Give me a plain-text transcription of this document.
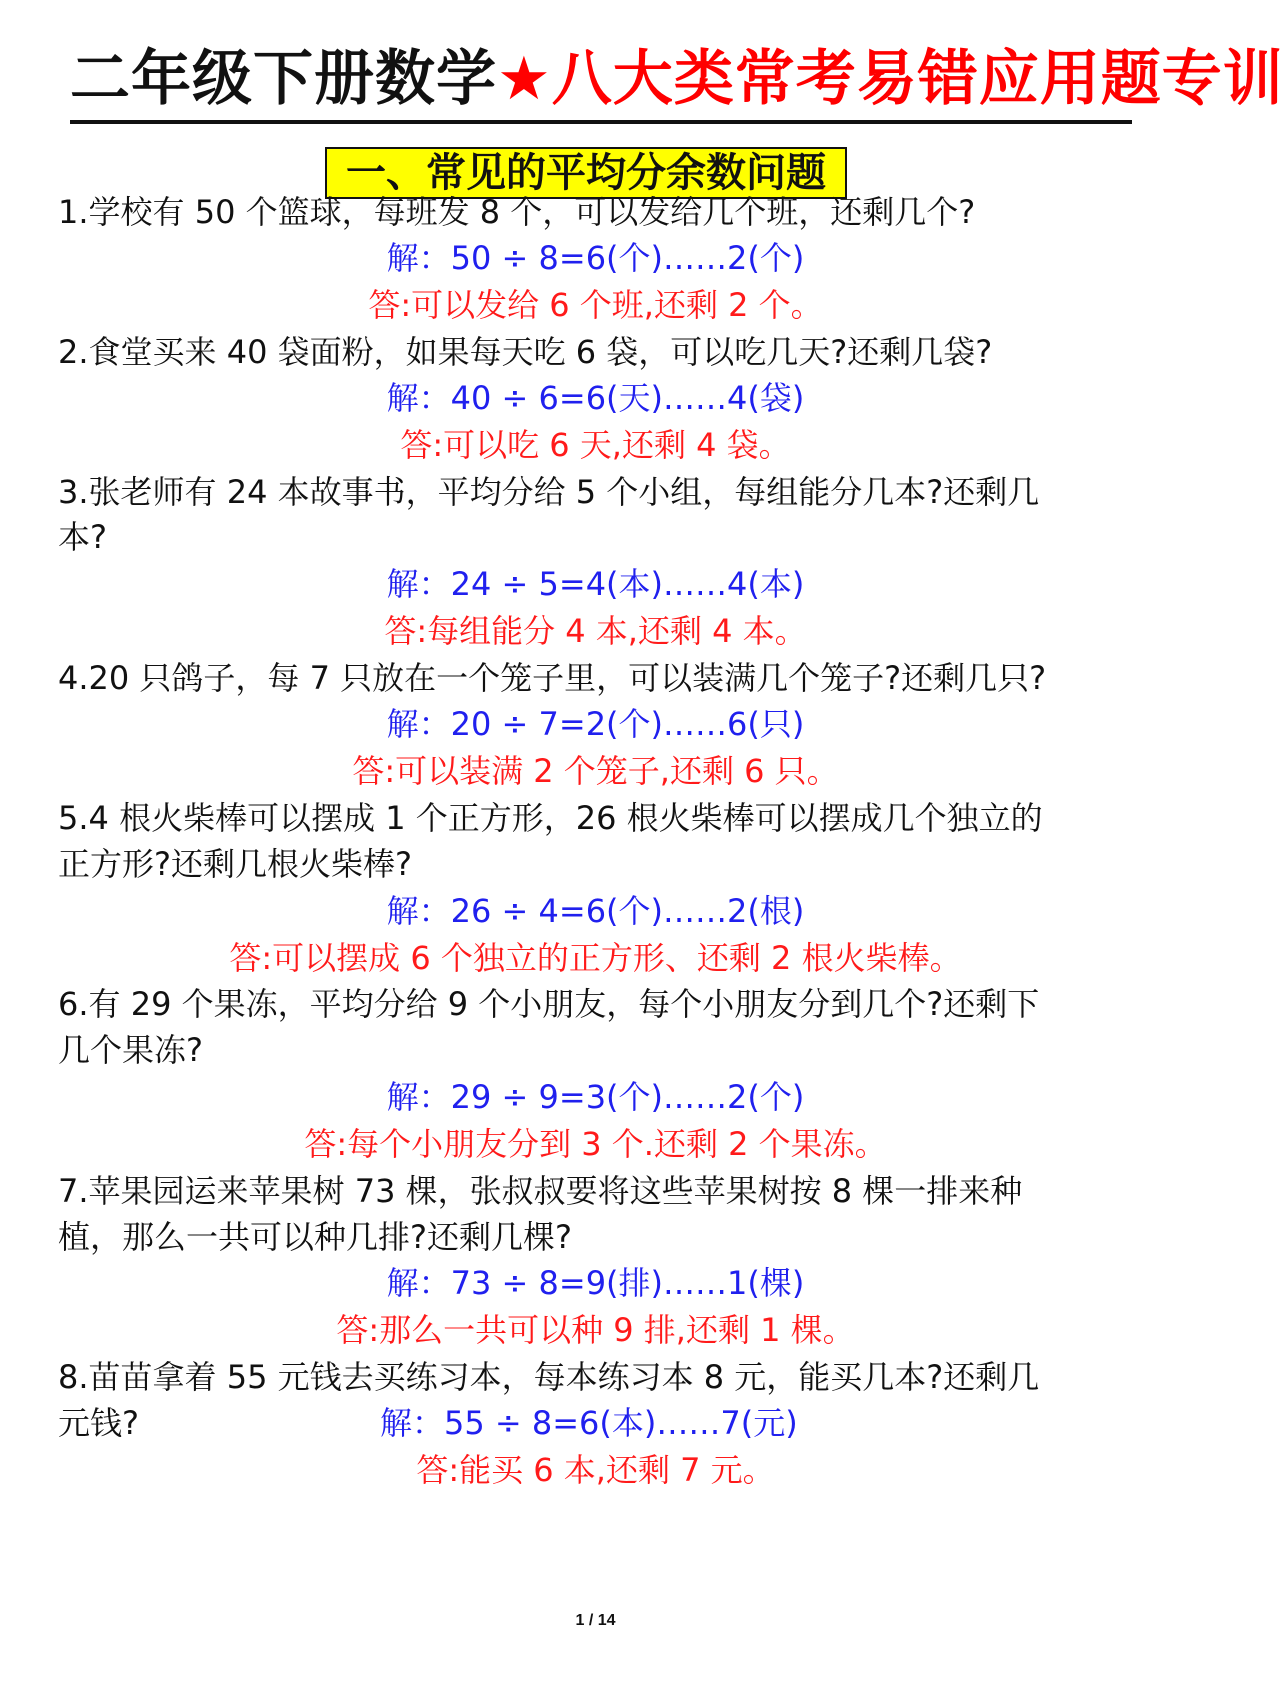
二年级下册数学★八大类常考易错应用题专训
一、常见的平均分余数问题
1.学校有 50 个篮球，每班发 8 个，可以发给几个班，还剩几个?
解：50 ÷ 8=6(个)……2(个)
答:可以发给 6 个班,还剩 2 个。
2.食堂买来 40 袋面粉，如果每天吃 6 袋，可以吃几天?还剩几袋?
解：40 ÷ 6=6(天)……4(袋)
答:可以吃 6 天,还剩 4 袋。
3.张老师有 24 本故事书，平均分给 5 个小组，每组能分几本?还剩几
本?
解：24 ÷ 5=4(本)……4(本)
答:每组能分 4 本,还剩 4 本。
4.20 只鸽子，每 7 只放在一个笼子里，可以装满几个笼子?还剩几只?
解：20 ÷ 7=2(个)……6(只)
答:可以装满 2 个笼子,还剩 6 只。
5.4 根火柴棒可以摆成 1 个正方形，26 根火柴棒可以摆成几个独立的
正方形?还剩几根火柴棒?
解：26 ÷ 4=6(个)……2(根)
答:可以摆成 6 个独立的正方形、还剩 2 根火柴棒。
6.有 29 个果冻，平均分给 9 个小朋友，每个小朋友分到几个?还剩下
几个果冻?
解：29 ÷ 9=3(个)……2(个)
答:每个小朋友分到 3 个.还剩 2 个果冻。
7.苹果园运来苹果树 73 棵，张叔叔要将这些苹果树按 8 棵一排来种
植，那么一共可以种几排?还剩几棵?
解：73 ÷ 8=9(排)……1(棵)
答:那么一共可以种 9 排,还剩 1 棵。
8.苗苗拿着 55 元钱去买练习本，每本练习本 8 元，能买几本?还剩几
元钱?	解：55 ÷ 8=6(本)……7(元)
答:能买 6 本,还剩 7 元。
1 / 14
